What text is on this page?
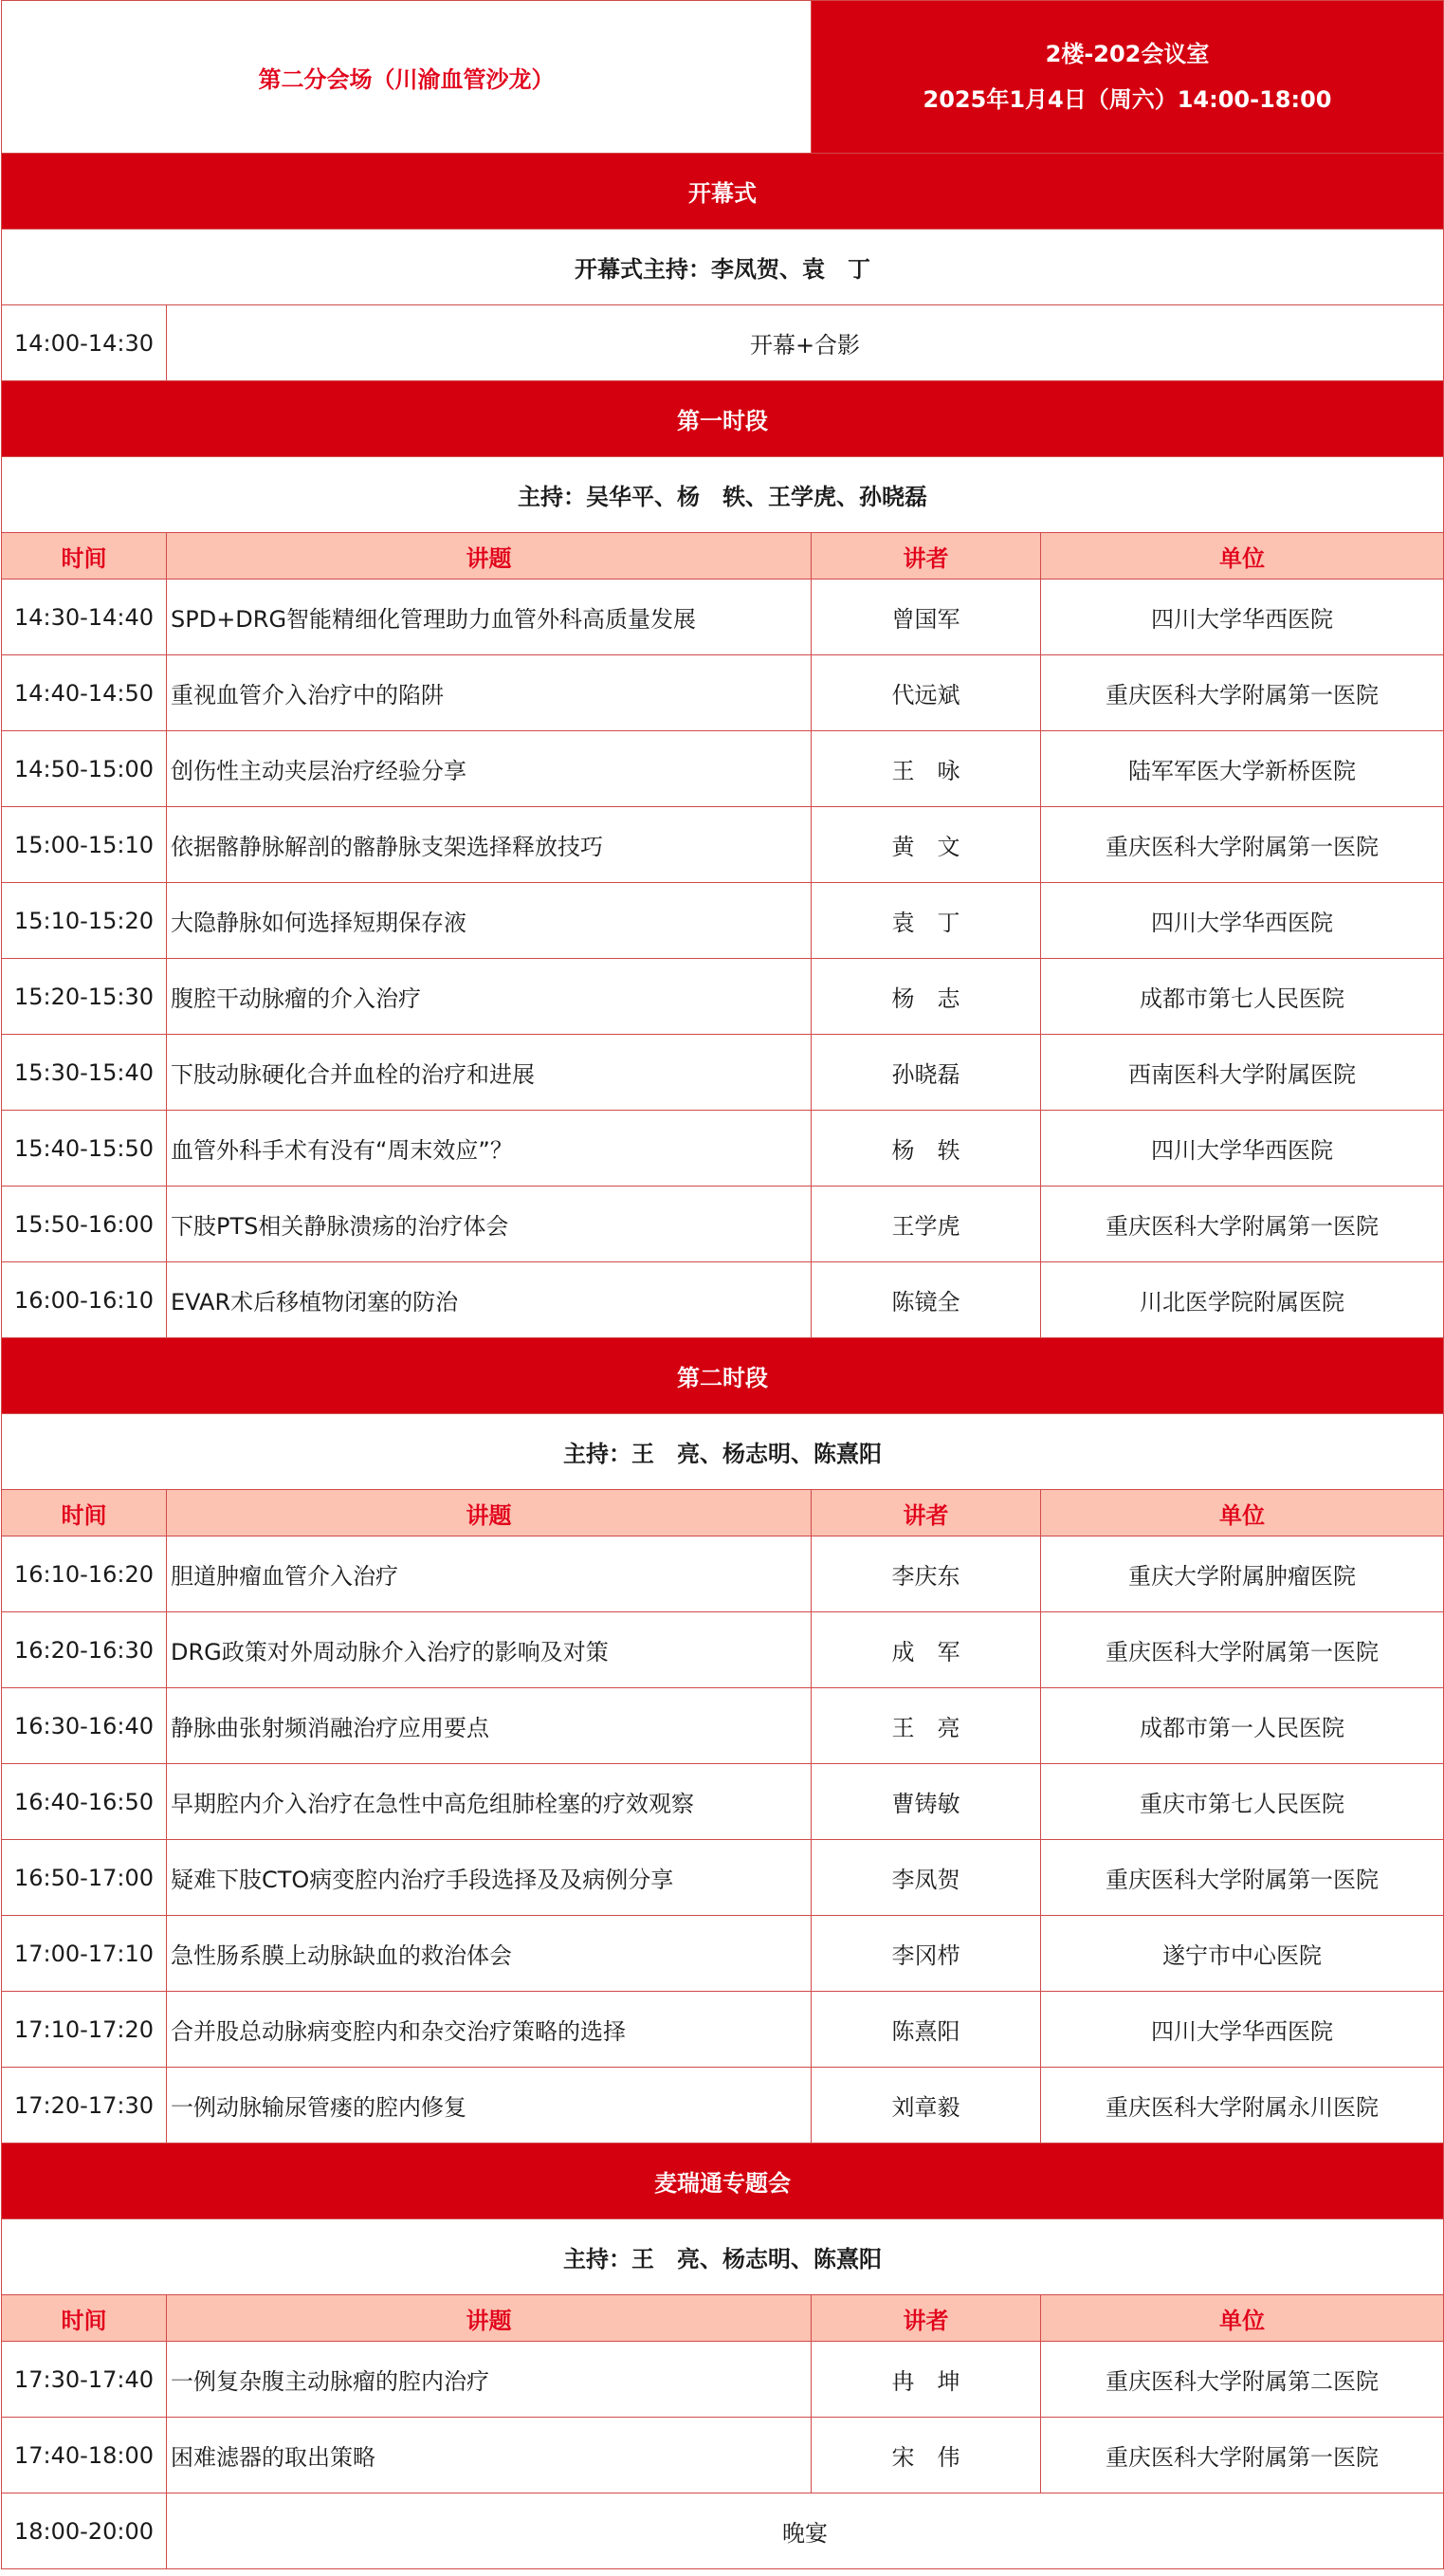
第二分会场（川渝血管沙龙）		2楼-202会议室
2025年1月4日（周六）14:00-18:00	

开幕式			
开幕式主持：李凤贺、袁　丁			
14:00-14:30	开幕+合影		
第一时段			
主持：吴华平、杨　轶、王学虎、孙晓磊			
时间	讲题	讲者	单位
14:30-14:40	SPD+DRG智能精细化管理助力血管外科高质量发展	曾国军	四川大学华西医院
14:40-14:50	重视血管介入治疗中的陷阱	代远斌	重庆医科大学附属第一医院
14:50-15:00	创伤性主动夹层治疗经验分享	王　咏	陆军军医大学新桥医院
15:00-15:10	依据髂静脉解剖的髂静脉支架选择释放技巧	黄　文	重庆医科大学附属第一医院
15:10-15:20	大隐静脉如何选择短期保存液	袁　丁	四川大学华西医院
15:20-15:30	腹腔干动脉瘤的介入治疗	杨　志	成都市第七人民医院
15:30-15:40	下肢动脉硬化合并血栓的治疗和进展	孙晓磊	西南医科大学附属医院
15:40-15:50	血管外科手术有没有“周末效应”？	杨　轶	四川大学华西医院
15:50-16:00	下肢PTS相关静脉溃疡的治疗体会	王学虎	重庆医科大学附属第一医院
16:00-16:10	EVAR术后移植物闭塞的防治	陈镜全	川北医学院附属医院
第二时段			
主持：王　亮、杨志明、陈熹阳			
时间	讲题	讲者	单位
16:10-16:20	胆道肿瘤血管介入治疗	李庆东	重庆大学附属肿瘤医院
16:20-16:30	DRG政策对外周动脉介入治疗的影响及对策	成　军	重庆医科大学附属第一医院
16:30-16:40	静脉曲张射频消融治疗应用要点	王　亮	成都市第一人民医院
16:40-16:50	早期腔内介入治疗在急性中高危组肺栓塞的疗效观察	曹铸敏	重庆市第七人民医院
16:50-17:00	疑难下肢CTO病变腔内治疗手段选择及及病例分享	李凤贺	重庆医科大学附属第一医院
17:00-17:10	急性肠系膜上动脉缺血的救治体会	李冈栉	遂宁市中心医院
17:10-17:20	合并股总动脉病变腔内和杂交治疗策略的选择	陈熹阳	四川大学华西医院
17:20-17:30	一例动脉输尿管瘘的腔内修复	刘章毅	重庆医科大学附属永川医院
麦瑞通专题会			
主持：王　亮、杨志明、陈熹阳			
时间	讲题	讲者	单位
17:30-17:40	一例复杂腹主动脉瘤的腔内治疗	冉　坤	重庆医科大学附属第二医院
17:40-18:00	困难滤器的取出策略	宋　伟	重庆医科大学附属第一医院
18:00-20:00	晚宴		
